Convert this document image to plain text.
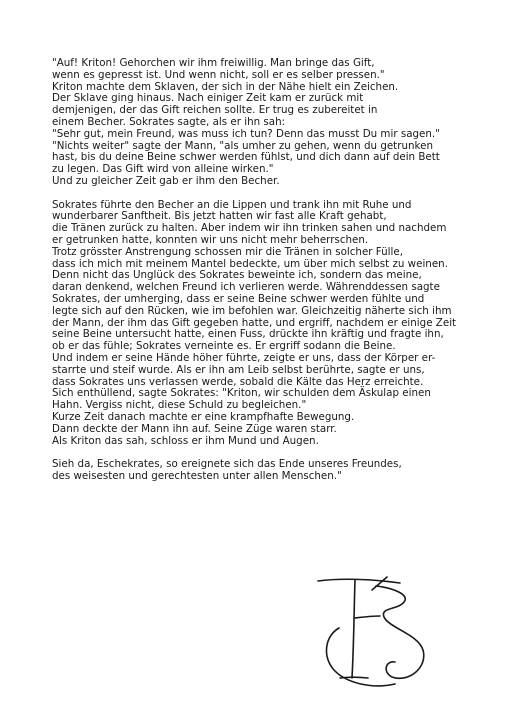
"Auf! Kriton! Gehorchen wir ihm freiwillig. Man bringe das Gift,
wenn es gepresst ist. Und wenn nicht, soll er es selber pressen."
Kriton machte dem Sklaven, der sich in der Nähe hielt ein Zeichen.
Der Sklave ging hinaus. Nach einiger Zeit kam er zurück mit
demjenigen, der das Gift reichen sollte. Er trug es zubereitet in
einem Becher. Sokrates sagte, als er ihn sah:
"Sehr gut, mein Freund, was muss ich tun? Denn das musst Du mir sagen."
"Nichts weiter" sagte der Mann, "als umher zu gehen, wenn du getrunken
hast, bis du deine Beine schwer werden fühlst, und dich dann auf dein Bett
zu legen. Das Gift wird von alleine wirken."
Und zu gleicher Zeit gab er ihm den Becher.
Sokrates führte den Becher an die Lippen und trank ihn mit Ruhe und
wunderbarer Sanftheit. Bis jetzt hatten wir fast alle Kraft gehabt,
die Tränen zurück zu halten. Aber indem wir ihn trinken sahen und nachdem
er getrunken hatte, konnten wir uns nicht mehr beherrschen.
Trotz grösster Anstrengung schossen mir die Tränen in solcher Fülle,
dass ich mich mit meinem Mantel bedeckte, um über mich selbst zu weinen.
Denn nicht das Unglück des Sokrates beweinte ich, sondern das meine,
daran denkend, welchen Freund ich verlieren werde. Währenddessen sagte
Sokrates, der umherging, dass er seine Beine schwer werden fühlte und
legte sich auf den Rücken, wie im befohlen war. Gleichzeitig näherte sich ihm
der Mann, der ihm das Gift gegeben hatte, und ergriff, nachdem er einige Zeit
seine Beine untersucht hatte, einen Fuss, drückte ihn kräftig und fragte ihn,
ob er das fühle; Sokrates verneinte es. Er ergriff sodann die Beine.
Und indem er seine Hände höher führte, zeigte er uns, dass der Körper er-
starrte und steif wurde. Als er ihn am Leib selbst berührte, sagte er uns,
dass Sokrates uns verlassen werde, sobald die Kälte das Herz erreichte.
Sich enthüllend, sagte Sokrates: "Kriton, wir schulden dem Äskulap einen
Hahn. Vergiss nicht, diese Schuld zu begleichen."
Kurze Zeit danach machte er eine krampfhafte Bewegung.
Dann deckte der Mann ihn auf. Seine Züge waren starr.
Als Kriton das sah, schloss er ihm Mund und Augen.
Sieh da, Eschekrates, so ereignete sich das Ende unseres Freundes,
des weisesten und gerechtesten unter allen Menschen."
